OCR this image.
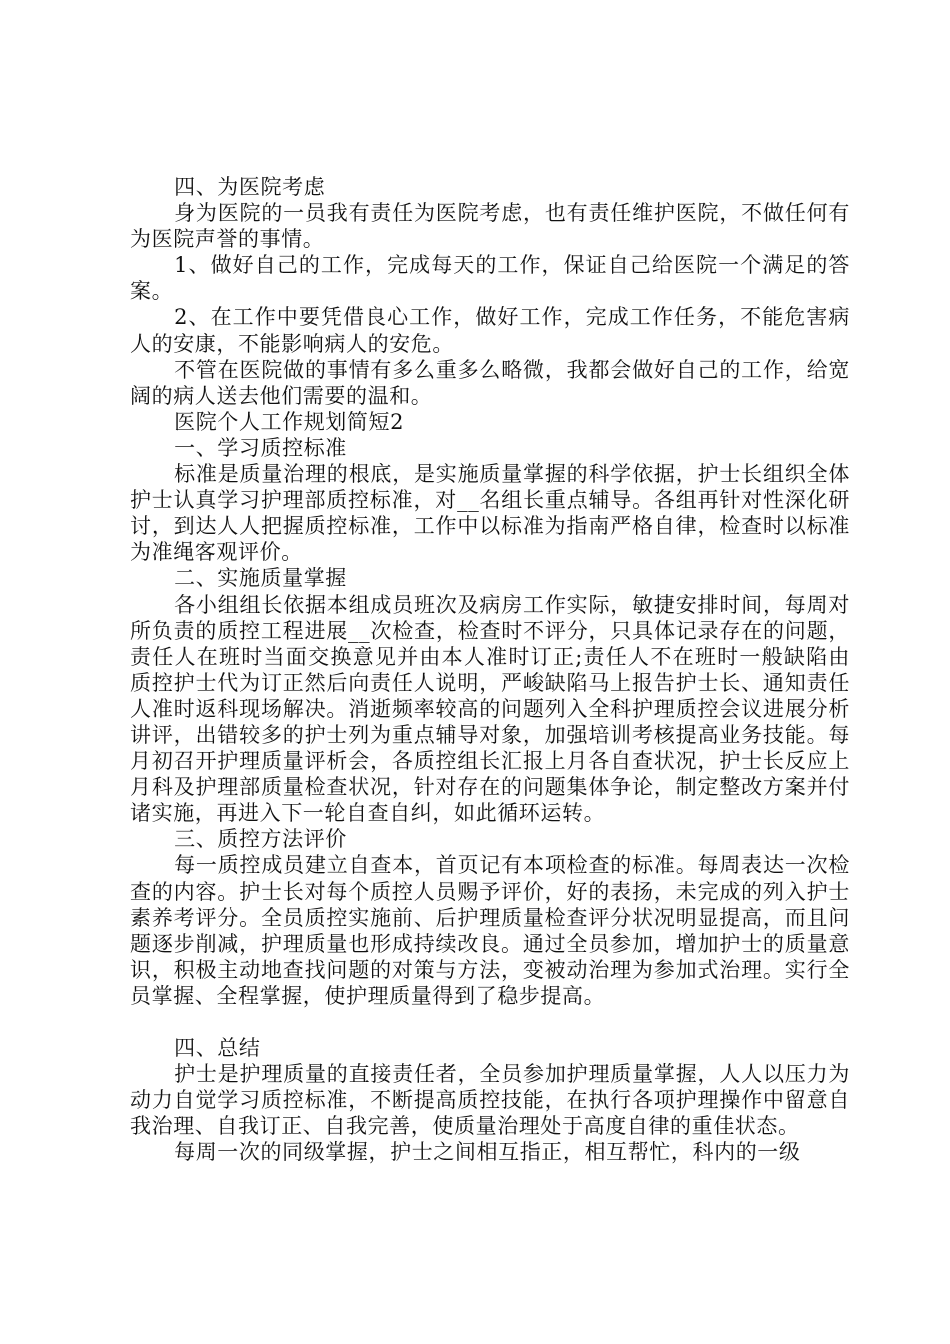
四、为医院考虑
身为医院的一员我有责任为医院考虑，也有责任维护医院，不做任何有为医院声誉的事情。
1、做好自己的工作，完成每天的工作，保证自己给医院一个满足的答案。
2、在工作中要凭借良心工作，做好工作，完成工作任务，不能危害病人的安康，不能影响病人的安危。
不管在医院做的事情有多么重多么略微，我都会做好自己的工作，给宽阔的病人送去他们需要的温和。
医院个人工作规划简短2
一、学习质控标准
标准是质量治理的根底，是实施质量掌握的科学依据，护士长组织全体护士认真学习护理部质控标准，对__名组长重点辅导。各组再针对性深化研讨，到达人人把握质控标准，工作中以标准为指南严格自律，检查时以标准为准绳客观评价。
二、实施质量掌握
各小组组长依据本组成员班次及病房工作实际，敏捷安排时间，每周对所负责的质控工程进展__次检查，检查时不评分，只具体记录存在的问题，责任人在班时当面交换意见并由本人准时订正;责任人不在班时一般缺陷由质控护士代为订正然后向责任人说明，严峻缺陷马上报告护士长、通知责任人准时返科现场解决。消逝频率较高的问题列入全科护理质控会议进展分析讲评，出错较多的护士列为重点辅导对象，加强培训考核提高业务技能。每月初召开护理质量评析会，各质控组长汇报上月各自查状况，护士长反应上月科及护理部质量检查状况，针对存在的问题集体争论，制定整改方案并付诸实施，再进入下一轮自查自纠，如此循环运转。
三、质控方法评价
每一质控成员建立自查本，首页记有本项检查的标准。每周表达一次检查的内容。护士长对每个质控人员赐予评价，好的表扬，未完成的列入护士素养考评分。全员质控实施前、后护理质量检查评分状况明显提高，而且问题逐步削减，护理质量也形成持续改良。通过全员参加，增加护士的质量意识，积极主动地查找问题的对策与方法，变被动治理为参加式治理。实行全员掌握、全程掌握，使护理质量得到了稳步提高。
四、总结
护士是护理质量的直接责任者，全员参加护理质量掌握，人人以压力为动力自觉学习质控标准，不断提高质控技能，在执行各项护理操作中留意自我治理、自我订正、自我完善，使质量治理处于高度自律的重佳状态。
每周一次的同级掌握，护士之间相互指正，相互帮忙，科内的一级
